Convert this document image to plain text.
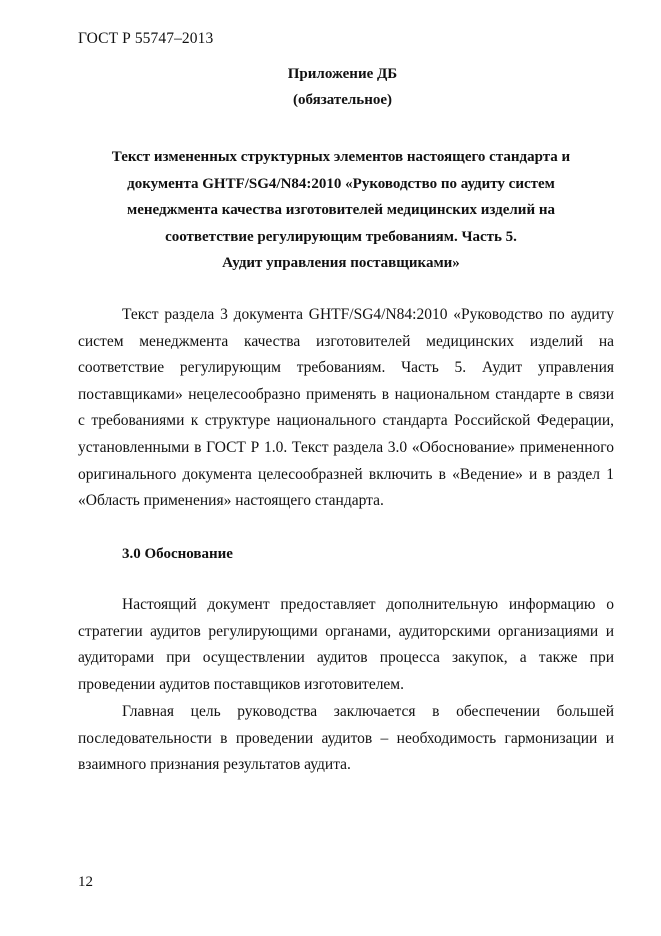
ГОСТ Р 55747–2013
Приложение ДБ
(обязательное)
Текст измененных структурных элементов настоящего стандарта и
документа GHTF/SG4/N84:2010 «Руководство по аудиту систем
менеджмента качества изготовителей медицинских изделий на
соответствие регулирующим требованиям. Часть 5.
Аудит управления поставщиками»
Текст раздела 3 документа GHTF/SG4/N84:2010 «Руководство по аудиту
систем менеджмента качества изготовителей медицинских изделий на
соответствие регулирующим требованиям. Часть 5. Аудит управления
поставщиками» нецелесообразно применять в национальном стандарте в связи
с требованиями к структуре национального стандарта Российской Федерации,
установленными в ГОСТ Р 1.0. Текст раздела 3.0 «Обоснование» примененного
оригинального документа целесообразней включить в «Ведение» и в раздел 1
«Область применения» настоящего стандарта.
3.0 Обоснование
Настоящий документ предоставляет дополнительную информацию о
стратегии аудитов регулирующими органами, аудиторскими организациями и
аудиторами при осуществлении аудитов процесса закупок, а также при
проведении аудитов поставщиков изготовителем.
Главная цель руководства заключается в обеспечении большей
последовательности в проведении аудитов – необходимость гармонизации и
взаимного признания результатов аудита.
12
